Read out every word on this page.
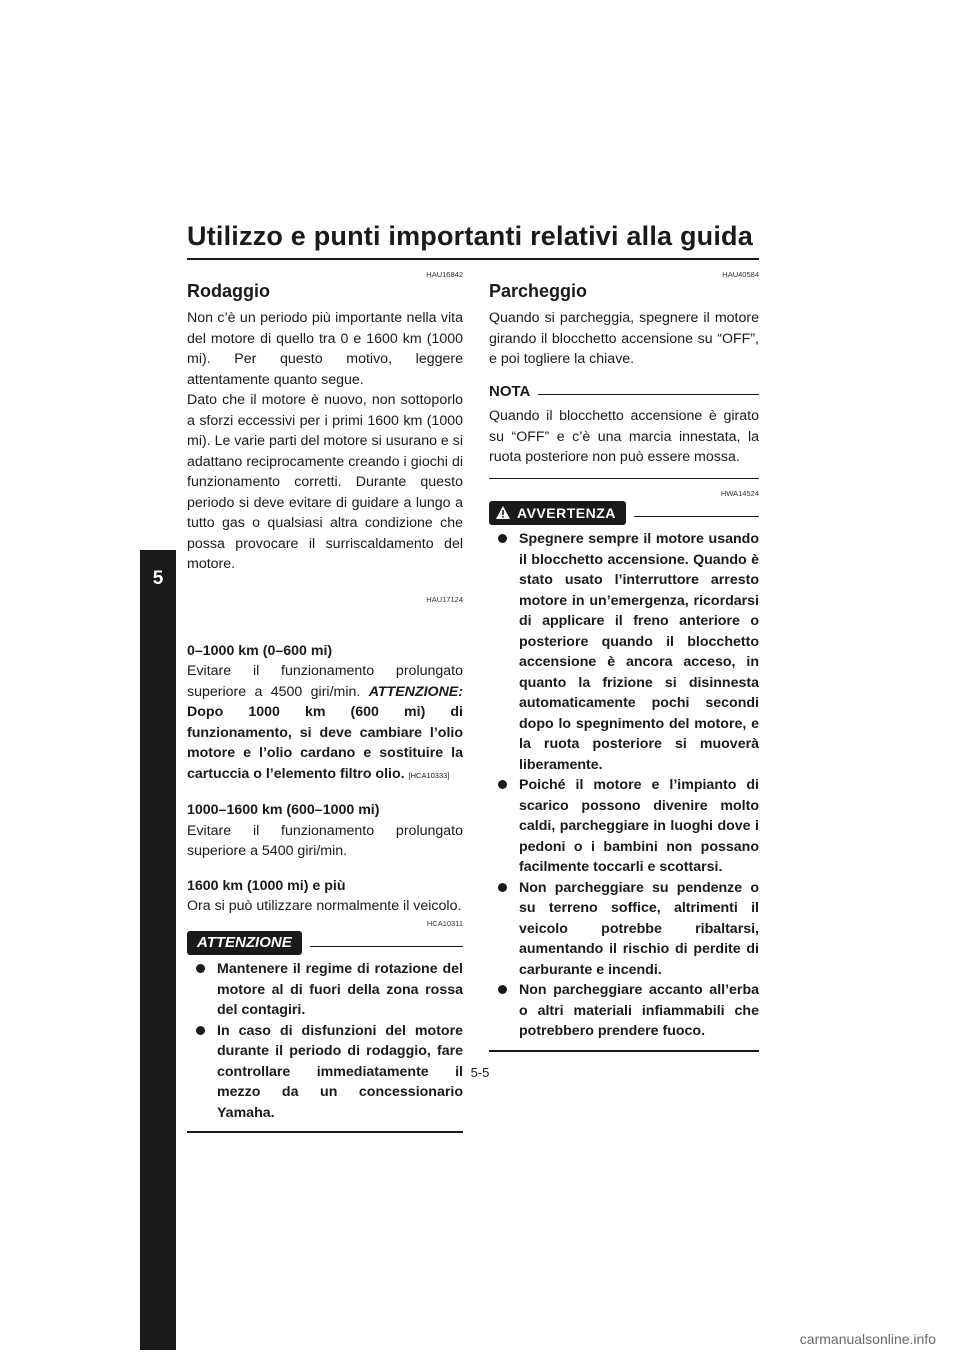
Utilizzo e punti importanti relativi alla guida
5

HAU16842

Rodaggio

Non c’è un periodo più importante nella vita del motore di quello tra 0 e 1600 km (1000 mi). Per questo motivo, leggere attentamente quanto segue.

Dato che il motore è nuovo, non sottoporlo a sforzi eccessivi per i primi 1600 km (1000 mi). Le varie parti del motore si usurano e si adattano reciprocamente creando i giochi di funzionamento corretti. Durante questo periodo si deve evitare di guidare a lungo a tutto gas o qualsiasi altra condizione che possa provocare il surriscaldamento del motore.

HAU17124

0–1000 km (0–600 mi)

Evitare il funzionamento prolungato superiore a 4500 giri/min. ATTENZIONE: Dopo 1000 km (600 mi) di funzionamento, si deve cambiare l’olio motore e l’olio cardano e sostituire la cartuccia o l’elemento filtro olio. [HCA10333]

1000–1600 km (600–1000 mi)

Evitare il funzionamento prolungato superiore a 5400 giri/min.

1600 km (1000 mi) e più

Ora si può utilizzare normalmente il veicolo.

HCA10311

ATTENZIONE
Mantenere il regime di rotazione del motore al di fuori della zona rossa del contagiri.
In caso di disfunzioni del motore durante il periodo di rodaggio, fare controllare immediatamente il mezzo da un concessionario Yamaha.

HAU40584

Parcheggio

Quando si parcheggia, spegnere il motore girando il blocchetto accensione su “OFF”, e poi togliere la chiave.

NOTA

Quando il blocchetto accensione è girato su “OFF” e c’è una marcia innestata, la ruota posteriore non può essere mossa.

HWA14524

AVVERTENZA
Spegnere sempre il motore usando il blocchetto accensione. Quando è stato usato l’interruttore arresto motore in un’emergenza, ricordarsi di applicare il freno anteriore o posteriore quando il blocchetto accensione è ancora acceso, in quanto la frizione si disinnesta automaticamente pochi secondi dopo lo spegnimento del motore, e la ruota posteriore si muoverà liberamente.
Poiché il motore e l’impianto di scarico possono divenire molto caldi, parcheggiare in luoghi dove i pedoni o i bambini non possano facilmente toccarli e scottarsi.
Non parcheggiare su pendenze o su terreno soffice, altrimenti il veicolo potrebbe ribaltarsi, aumentando il rischio di perdite di carburante e incendi.
Non parcheggiare accanto all’erba o altri materiali infiammabili che potrebbero prendere fuoco.
5-5
carmanualsonline.info
